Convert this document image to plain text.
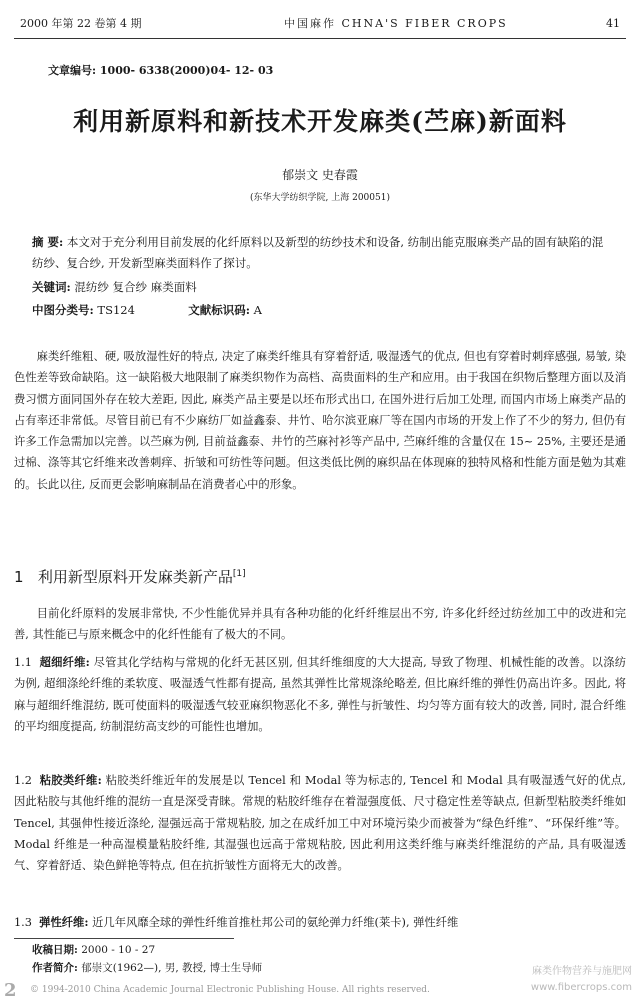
2000 年第 22 卷第 4 期	中国麻作 CHNA'S FIBER CROPS	41
文章编号: 1000- 6338(2000)04- 12- 03
利用新原料和新技术开发麻类(苎麻)新面料
郁崇文 史春霞
(东华大学纺织学院, 上海 200051)
摘 要: 本文对于充分利用目前发展的化纤原料以及新型的纺纱技术和设备, 纺制出能克服麻类产品的固有缺陷的混纺纱、复合纱, 开发新型麻类面料作了探讨。
关键词: 混纺纱 复合纱 麻类面料
中图分类号: TS124	文献标识码: A
麻类纤维粗、硬, 吸放湿性好的特点, 决定了麻类纤维具有穿着舒适, 吸湿透气的优点, 但也有穿着时刺痒感强, 易皱, 染色性差等致命缺陷。这一缺陷极大地限制了麻类织物作为高档、高贵面料的生产和应用。由于我国在织物后整理方面以及消费习惯方面同国外存在较大差距, 因此, 麻类产品主要是以坯布形式出口, 在国外进行后加工处理, 而国内市场上麻类产品的占有率还非常低。尽管目前已有不少麻纺厂如益鑫泰、井竹、哈尔滨亚麻厂等在国内市场的开发上作了不少的努力, 但仍有许多工作急需加以完善。以苎麻为例, 目前益鑫泰、井竹的苎麻衬衫等产品中, 苎麻纤维的含量仅在 15~ 25%, 主要还是通过棉、涤等其它纤维来改善刺痒、折皱和可纺性等问题。但这类低比例的麻织品在体现麻的独特风格和性能方面是勉为其难的。长此以往, 反而更会影响麻制品在消费者心中的形象。
1 利用新型原料开发麻类新产品[1]
目前化纤原料的发展非常快, 不少性能优异并具有各种功能的化纤纤维层出不穷, 许多化纤经过纺丝加工中的改进和完善, 其性能已与原来概念中的化纤性能有了极大的不同。
1.1 超细纤维: 尽管其化学结构与常规的化纤无甚区别, 但其纤维细度的大大提高, 导致了物理、机械性能的改善。以涤纺为例, 超细涤纶纤维的柔软度、吸湿透气性都有提高, 虽然其弹性比常规涤纶略差, 但比麻纤维的弹性仍高出许多。因此, 将麻与超细纤维混纺, 既可使面料的吸湿透气较亚麻织物恶化不多, 弹性与折皱性、均匀等方面有较大的改善, 同时, 混合纤维的平均细度提高, 纺制混纺高支纱的可能性也增加。
1.2 粘胶类纤维: 粘胶类纤维近年的发展是以 Tencel 和 Modal 等为标志的, Tencel 和 Modal 具有吸湿透气好的优点, 因此粘胶与其他纤维的混纺一直是深受青睐。常规的粘胶纤维存在着湿强度低、尺寸稳定性差等缺点, 但新型粘胶类纤维如 Tencel, 其强伸性接近涤纶, 湿强远高于常规粘胶, 加之在成纤加工中对环境污染少而被誉为“绿色纤维”、“环保纤维”等。Modal 纤维是一种高湿模量粘胶纤维, 其湿强也远高于常规粘胶, 因此利用这类纤维与麻类纤维混纺的产品, 具有吸湿透气、穿着舒适、染色鲜艳等特点, 但在抗折皱性方面将无大的改善。
1.3 弹性纤维: 近几年风靡全球的弹性纤维首推杜邦公司的氨纶弹力纤维(莱卡), 弹性纤维
收稿日期: 2000 - 10 - 27
作者简介: 郁崇文(1962—), 男, 教授, 博士生导师
2 © 1994-2010 China Academic Journal Electronic Publishing House. All rights reserved.
麻类作物营养与施肥网
www.fibercrops.com
